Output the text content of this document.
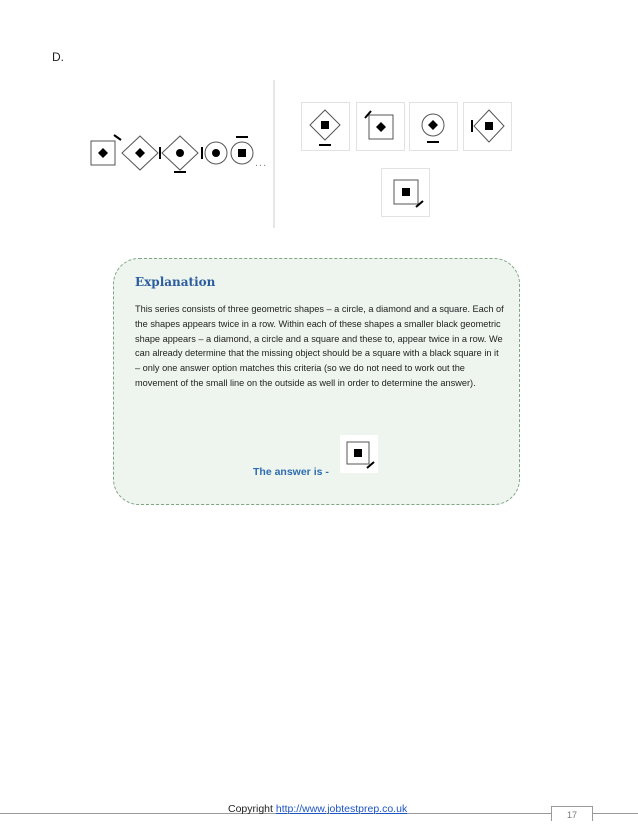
D.
...
Explanation
This series consists of three geometric shapes – a circle, a diamond and a square. Each of the shapes appears twice in a row. Within each of these shapes a smaller black geometric shape appears – a diamond, a circle and a square and these to, appear twice in a row. We can already determine that the missing object should be a square with a black square in it – only one answer option matches this criteria (so we do not need to work out the movement of the small line on the outside as well in order to determine the answer).
The answer is -
Copyright http://www.jobtestprep.co.uk	17
